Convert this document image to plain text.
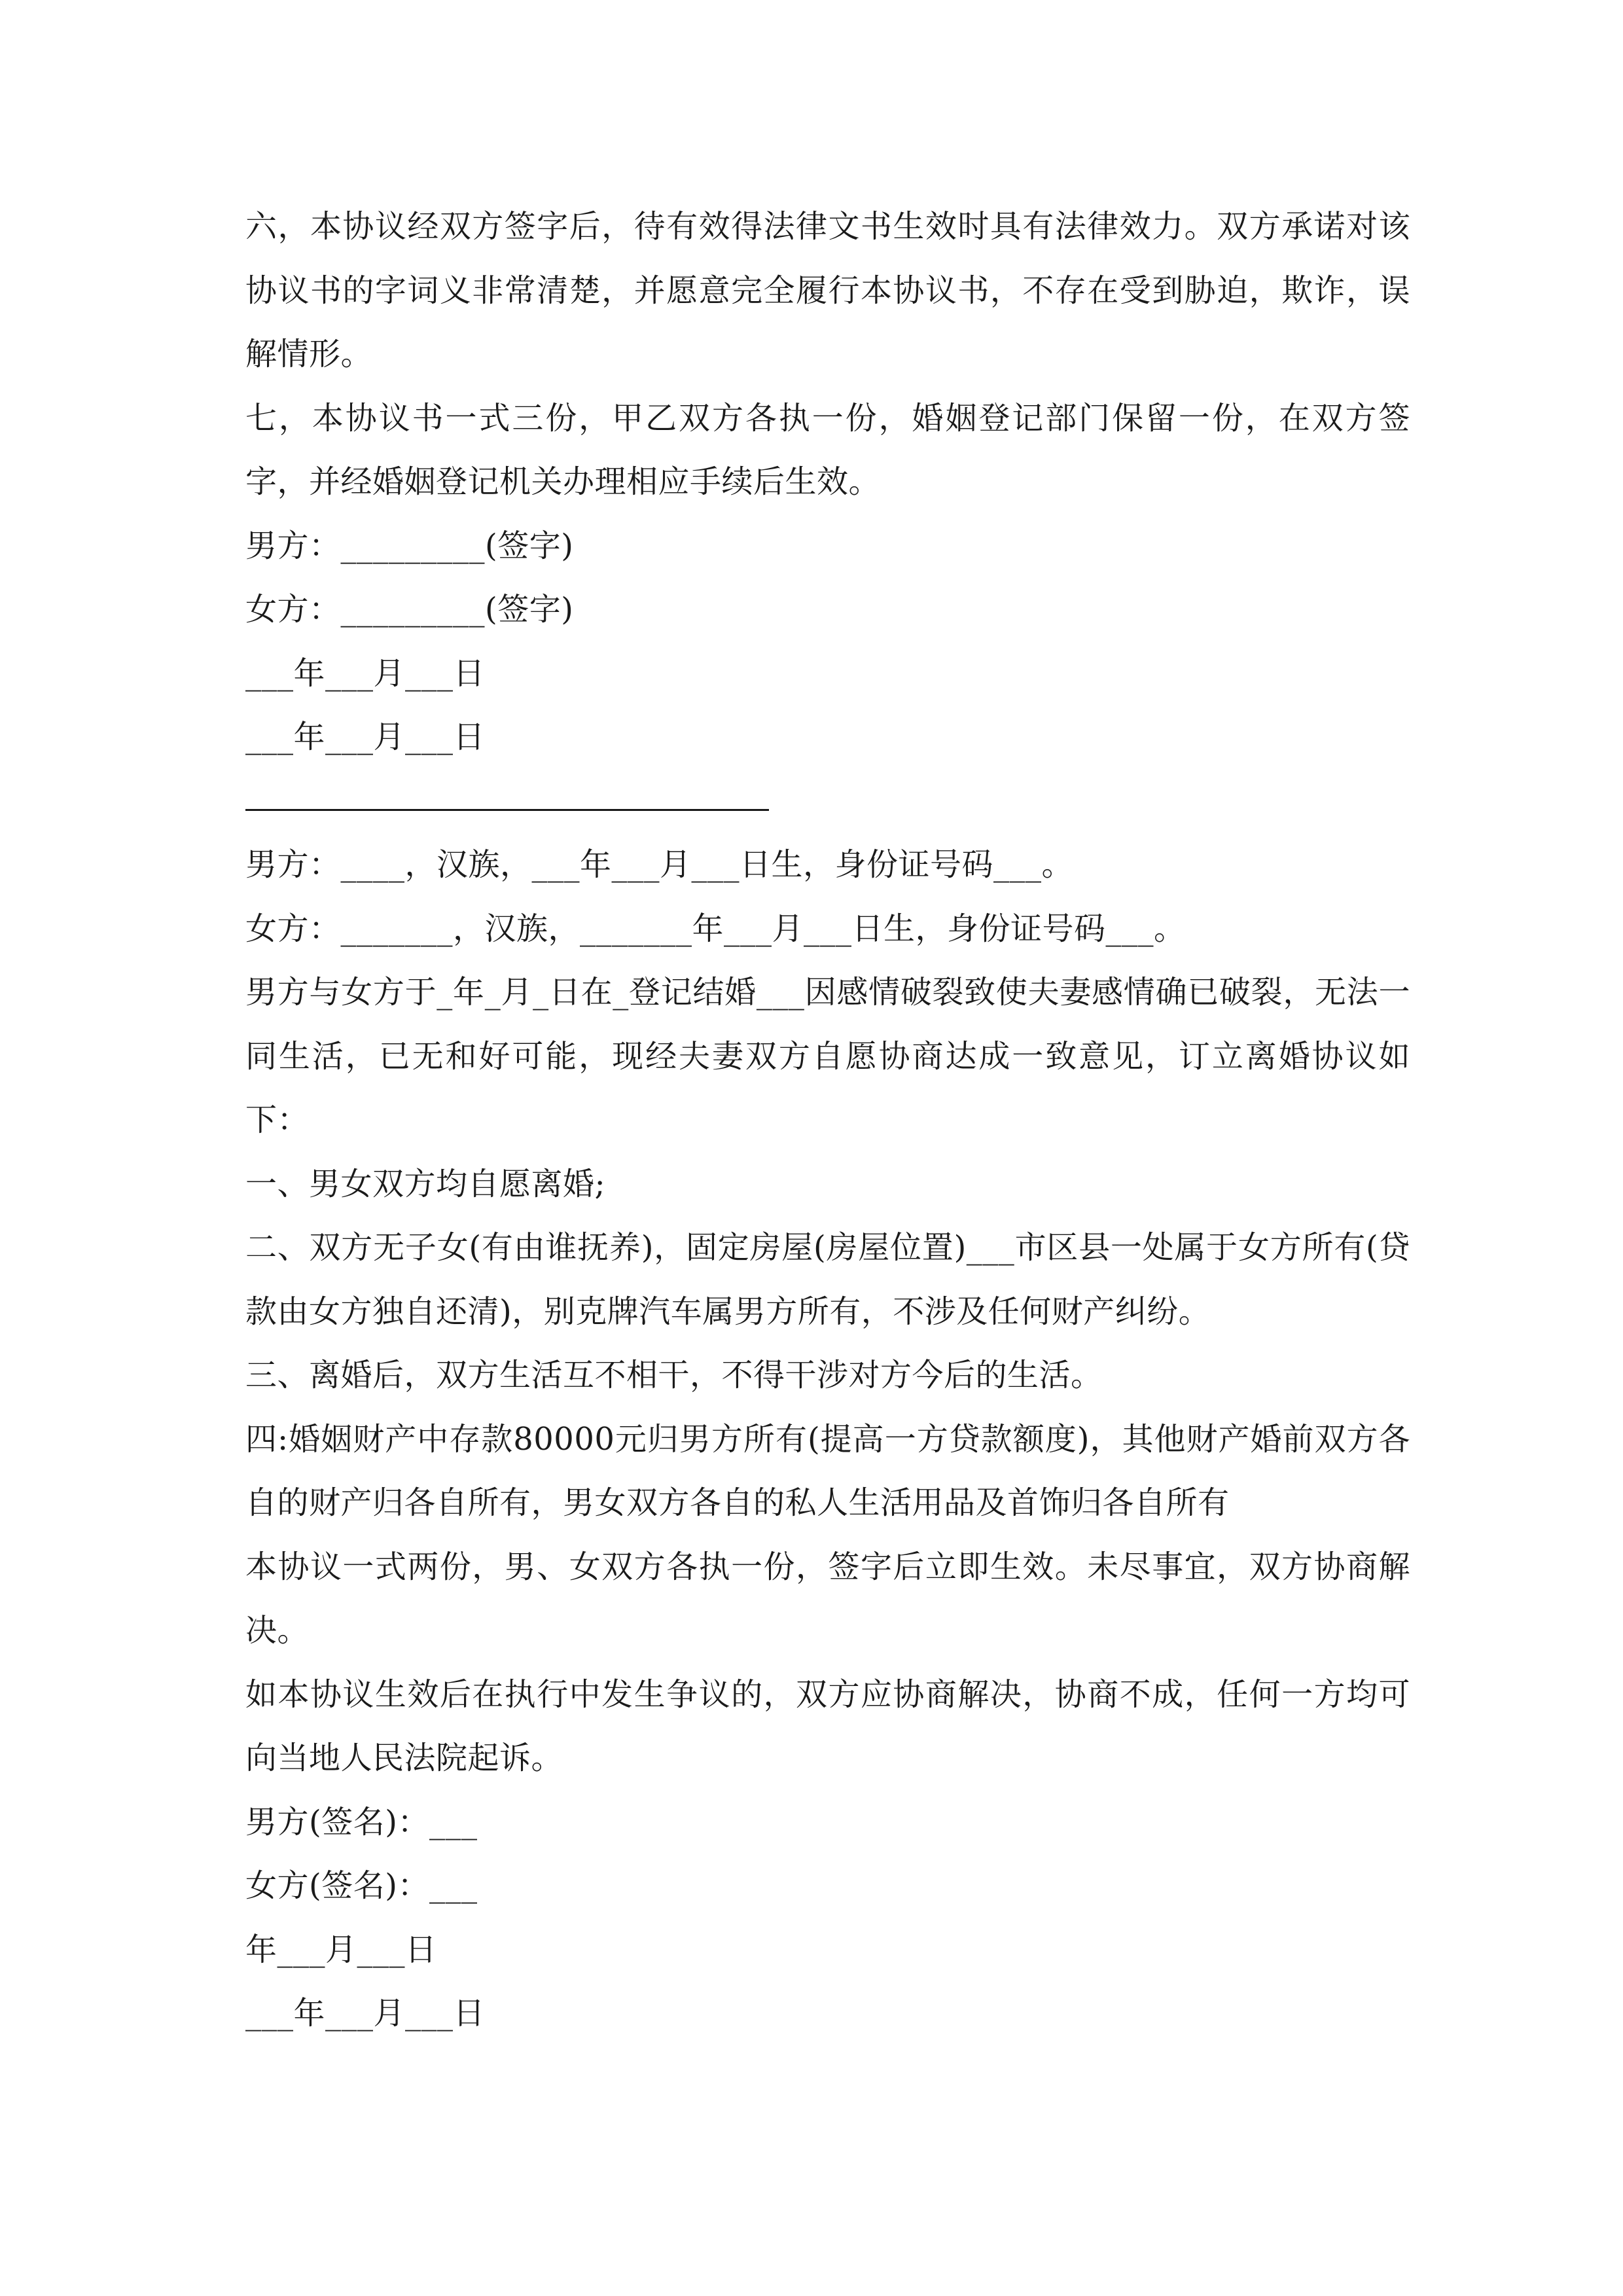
六，本协议经双方签字后，待有效得法律文书生效时具有法律效力。双方承诺对该协议书的字词义非常清楚，并愿意完全履行本协议书，不存在受到胁迫，欺诈，误解情形。

七，本协议书一式三份，甲乙双方各执一份，婚姻登记部门保留一份，在双方签字，并经婚姻登记机关办理相应手续后生效。

男方：_________(签字)

女方：_________(签字)

___年___月___日

___年___月___日

男方：____，汉族，___年___月___日生，身份证号码___。

女方：_______，汉族，_______年___月___日生，身份证号码___。

男方与女方于_年_月_日在_登记结婚___因感情破裂致使夫妻感情确已破裂，无法一同生活，已无和好可能，现经夫妻双方自愿协商达成一致意见，订立离婚协议如下：

一、男女双方均自愿离婚;

二、双方无子女(有由谁抚养)，固定房屋(房屋位置)___市区县一处属于女方所有(贷款由女方独自还清)，别克牌汽车属男方所有，不涉及任何财产纠纷。

三、离婚后，双方生活互不相干，不得干涉对方今后的生活。

四:婚姻财产中存款80000元归男方所有(提高一方贷款额度)，其他财产婚前双方各自的财产归各自所有，男女双方各自的私人生活用品及首饰归各自所有

本协议一式两份，男、女双方各执一份，签字后立即生效。未尽事宜，双方协商解决。

如本协议生效后在执行中发生争议的，双方应协商解决，协商不成，任何一方均可向当地人民法院起诉。

男方(签名)：___

女方(签名)：___

年___月___日

___年___月___日
